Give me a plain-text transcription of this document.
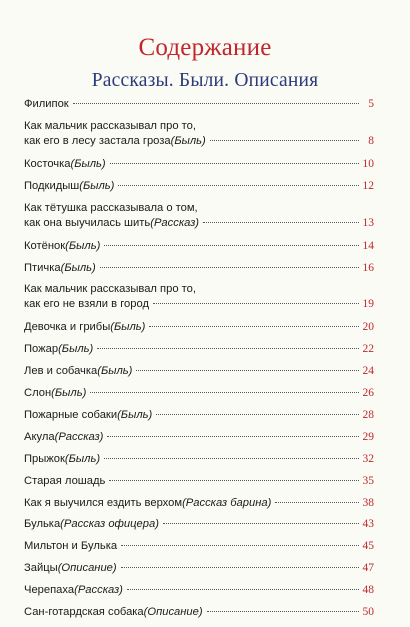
Содержание
Рассказы. Были. Описания
Филипок	5
Как мальчик рассказывал про то,
как его в лесу застала гроза (Быль)	8
Косточка (Быль)	10
Подкидыш (Быль)	12
Как тётушка рассказывала о том,
как она выучилась шить (Рассказ)	13
Котёнок (Быль)	14
Птичка (Быль)	16
Как мальчик рассказывал про то,
как его не взяли в город	19
Девочка и грибы (Быль)	20
Пожар (Быль)	22
Лев и собачка (Быль)	24
Слон (Быль)	26
Пожарные собаки (Быль)	28
Акула (Рассказ)	29
Прыжок (Быль)	32
Старая лошадь	35
Как я выучился ездить верхом (Рассказ барина)	38
Булька (Рассказ офицера)	43
Мильтон и Булька	45
Зайцы (Описание)	47
Черепаха (Рассказ)	48
Сан-готардская собака (Описание)	50
